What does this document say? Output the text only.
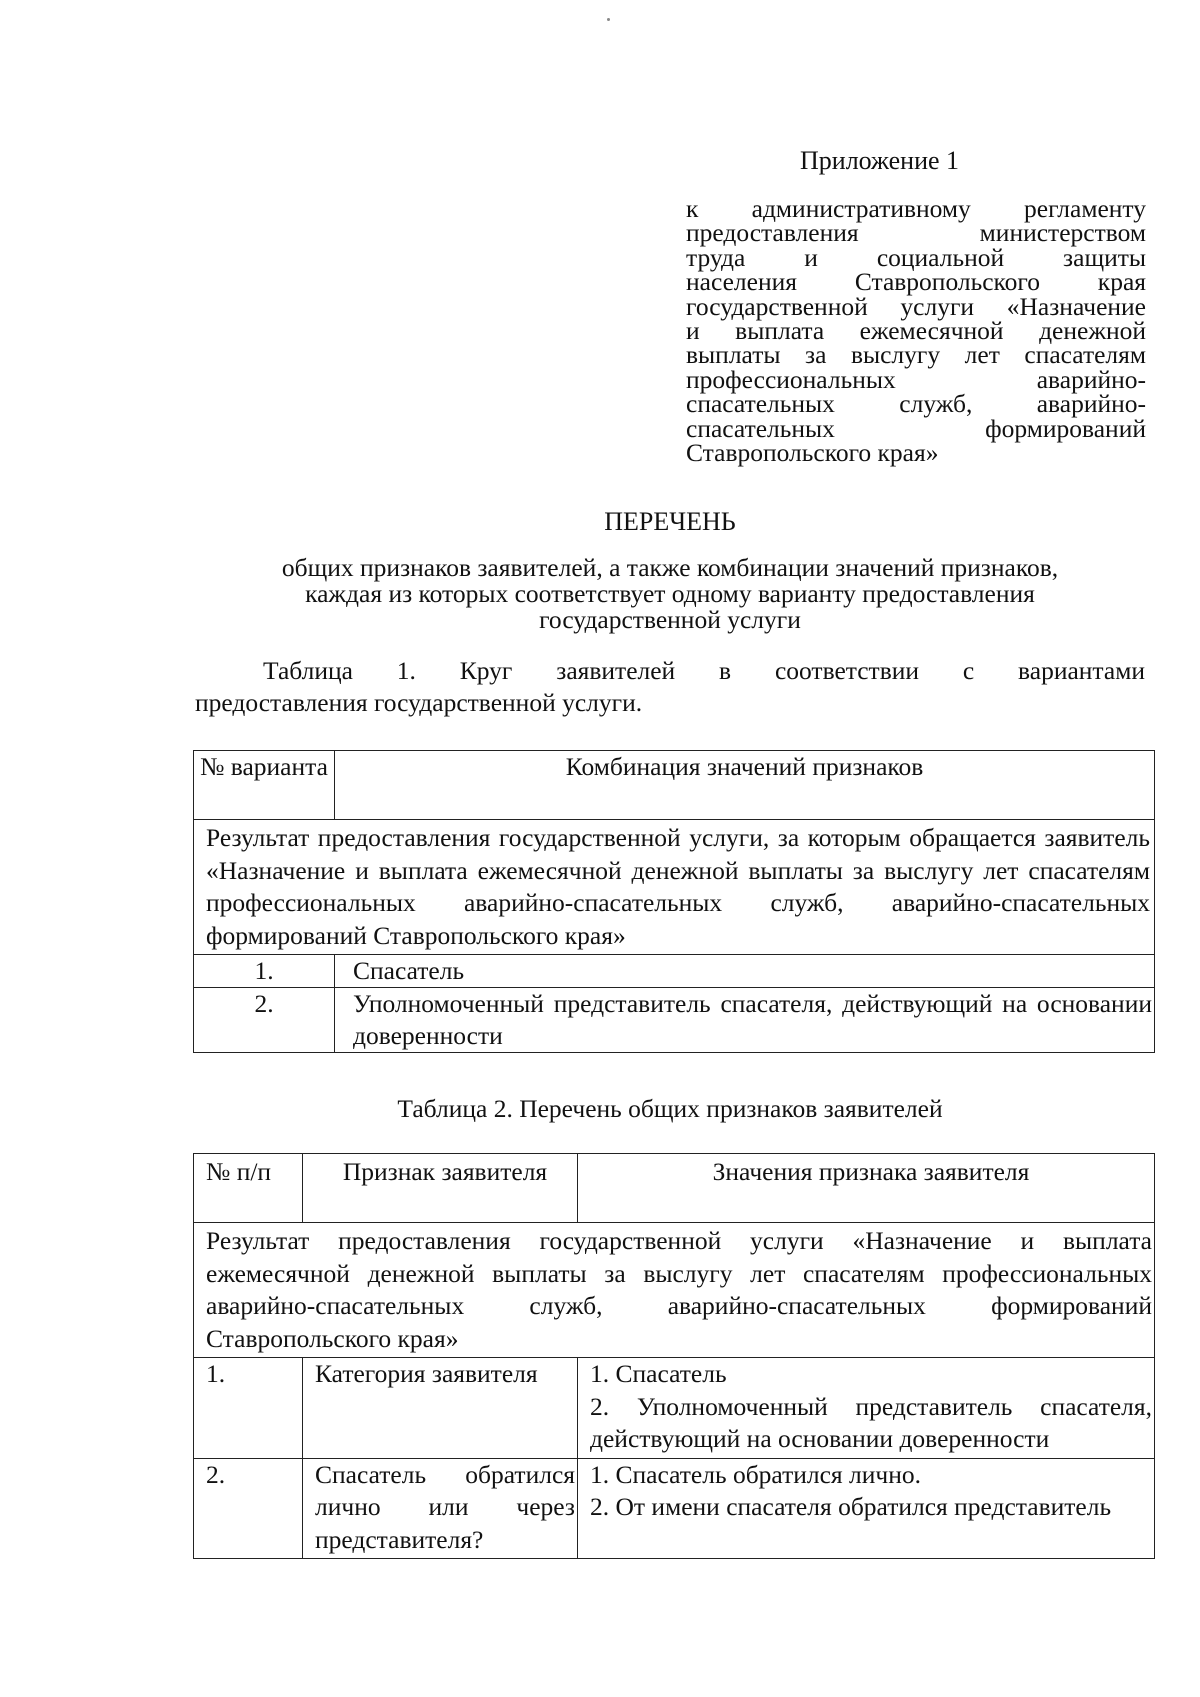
Приложение 1
к административному регламенту
предоставления министерством
труда и социальной защиты
населения Ставропольского края
государственной услуги «Назначение
и выплата ежемесячной денежной
выплаты за выслугу лет спасателям
профессиональных аварийно-
спасательных служб, аварийно-
спасательных формирований
Ставропольского края»
ПЕРЕЧЕНЬ
общих признаков заявителей, а также комбинации значений признаков,
каждая из которых соответствует одному варианту предоставления
государственной услуги
Таблица 1. Круг заявителей в соответствии с вариантами
предоставления государственной услуги.
№ варианта	Комбинация значений признаков
Результат предоставления государственной услуги, за которым обращается заявитель «Назначение и выплата ежемесячной денежной выплаты за выслугу лет спасателям профессиональных аварийно-спасательных служб, аварийно-спасательных формирований Ставропольского края»	
1.	Спасатель
2.	Уполномоченный представитель спасателя, действующий на основании доверенности
Таблица 2. Перечень общих признаков заявителей
№ п/п	Признак заявителя	Значения признака заявителя
Результат предоставления государственной услуги «Назначение и выплата ежемесячной денежной выплаты за выслугу лет спасателям профессиональных аварийно-спасательных служб, аварийно-спасательных формирований Ставропольского края»		
1.	Категория заявителя	1. Спасатель
2. Уполномоченный представитель спасателя, действующий на основании доверенности

2.	Спасатель обратился лично или через представителя?	1. Спасатель обратился лично.
2. От имени спасателя обратился представитель
